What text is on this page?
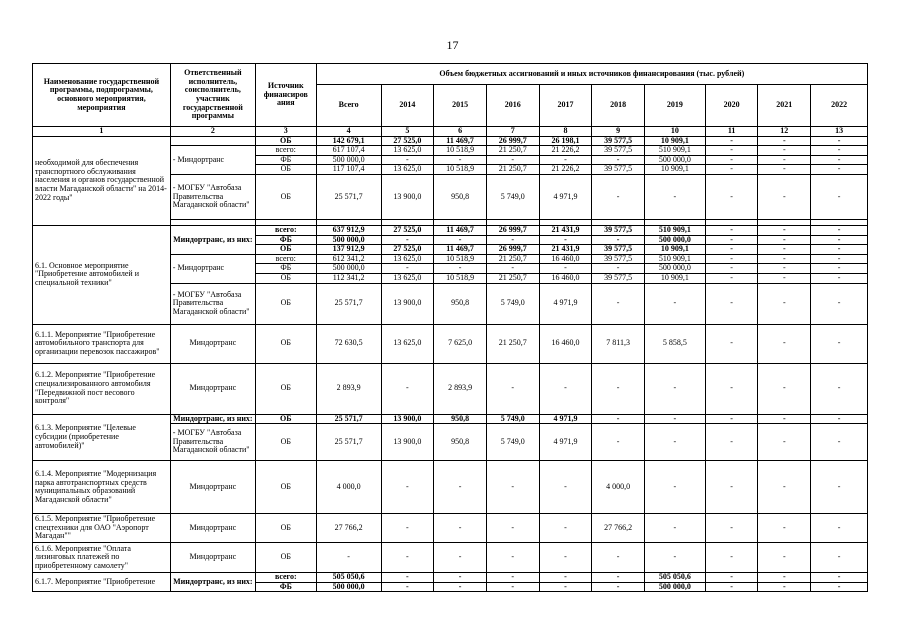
17
Наименование государственной программы, подпрограммы, основного мероприятия, мероприятия	Ответственный исполнитель, соисполнитель, участник государственной программы	Источник финансиров ания	Объем бюджетных ассигнований и иных источников финансирования (тыс. рублей)									
			Всего	2014	2015	2016	2017	2018	2019	2020	2021	2022
1	2	3	4	5	6	7	8	9	10	11	12	13
необходимой для обеспечения транспортного обслуживания населения и органов государственной власти Магаданской области" на 2014-2022 годы"		ОБ	142 679,1	27 525,0	11 469,7	26 999,7	26 198,1	39 577,5	10 909,1	-	-	-
	- Миндортранс	всего:	617 107,4	13 625,0	10 518,9	21 250,7	21 226,2	39 577,5	510 909,1	-	-	-
		ФБ	500 000,0	-	-	-	-	-	500 000,0	-	-	-
		ОБ	117 107,4	13 625,0	10 518,9	21 250,7	21 226,2	39 577,5	10 909,1	-	-	-
	- МОГБУ "Автобаза Правительства Магаданской области"	ОБ	25 571,7	13 900,0	950,8	5 749,0	4 971,9	-	-	-	-	-

6.1. Основное мероприятие "Приобретение автомобилей и специальной техники"	Миндортранс, из них:	всего:	637 912,9	27 525,0	11 469,7	26 999,7	21 431,9	39 577,5	510 909,1	-	-	-
		ФБ	500 000,0	-	-	-	-	-	500 000,0	-	-	-
		ОБ	137 912,9	27 525,0	11 469,7	26 999,7	21 431,9	39 577,5	10 909,1	-	-	-
	- Миндортранс	всего:	612 341,2	13 625,0	10 518,9	21 250,7	16 460,0	39 577,5	510 909,1	-	-	-
		ФБ	500 000,0	-	-	-	-	-	500 000,0	-	-	-
		ОБ	112 341,2	13 625,0	10 518,9	21 250,7	16 460,0	39 577,5	10 909,1	-	-	-
	- МОГБУ "Автобаза Правительства Магаданской области"	ОБ	25 571,7	13 900,0	950,8	5 749,0	4 971,9	-	-	-	-	-
6.1.1. Мероприятие "Приобретение автомобильного транспорта для организации перевозок пассажиров"	Миндортранс	ОБ	72 630,5	13 625,0	7 625,0	21 250,7	16 460,0	7 811,3	5 858,5	-	-	-
6.1.2. Мероприятие "Приобретение специализированного автомобиля "Передвижной пост весового контроля"	Миндортранс	ОБ	2 893,9	-	2 893,9	-	-	-	-	-	-	-
6.1.3. Мероприятие "Целевые субсидии (приобретение автомобилей)"	Миндортранс, из них:	ОБ	25 571,7	13 900,0	950,8	5 749,0	4 971,9	-	-	-	-	-
	- МОГБУ "Автобаза Правительства Магаданской области"	ОБ	25 571,7	13 900,0	950,8	5 749,0	4 971,9	-	-	-	-	-
6.1.4. Мероприятие "Модернизация парка автотранспортных средств муниципальных образований Магаданской области"	Миндортранс	ОБ	4 000,0	-	-	-	-	4 000,0	-	-	-	-
6.1.5. Мероприятие "Приобретение спецтехники для ОАО "Аэропорт Магадан""	Миндортранс	ОБ	27 766,2	-	-	-	-	27 766,2	-	-	-	-
6.1.6. Мероприятие "Оплата лизинговых платежей по приобретенному самолету"	Миндортранс	ОБ	-	-	-	-	-	-	-	-	-	-
6.1.7. Мероприятие "Приобретение	Миндортранс, из них:	всего:	505 050,6	-	-	-	-	-	505 050,6	-	-	-
		ФБ	500 000,0	-	-	-	-	-	500 000,0	-	-	-
